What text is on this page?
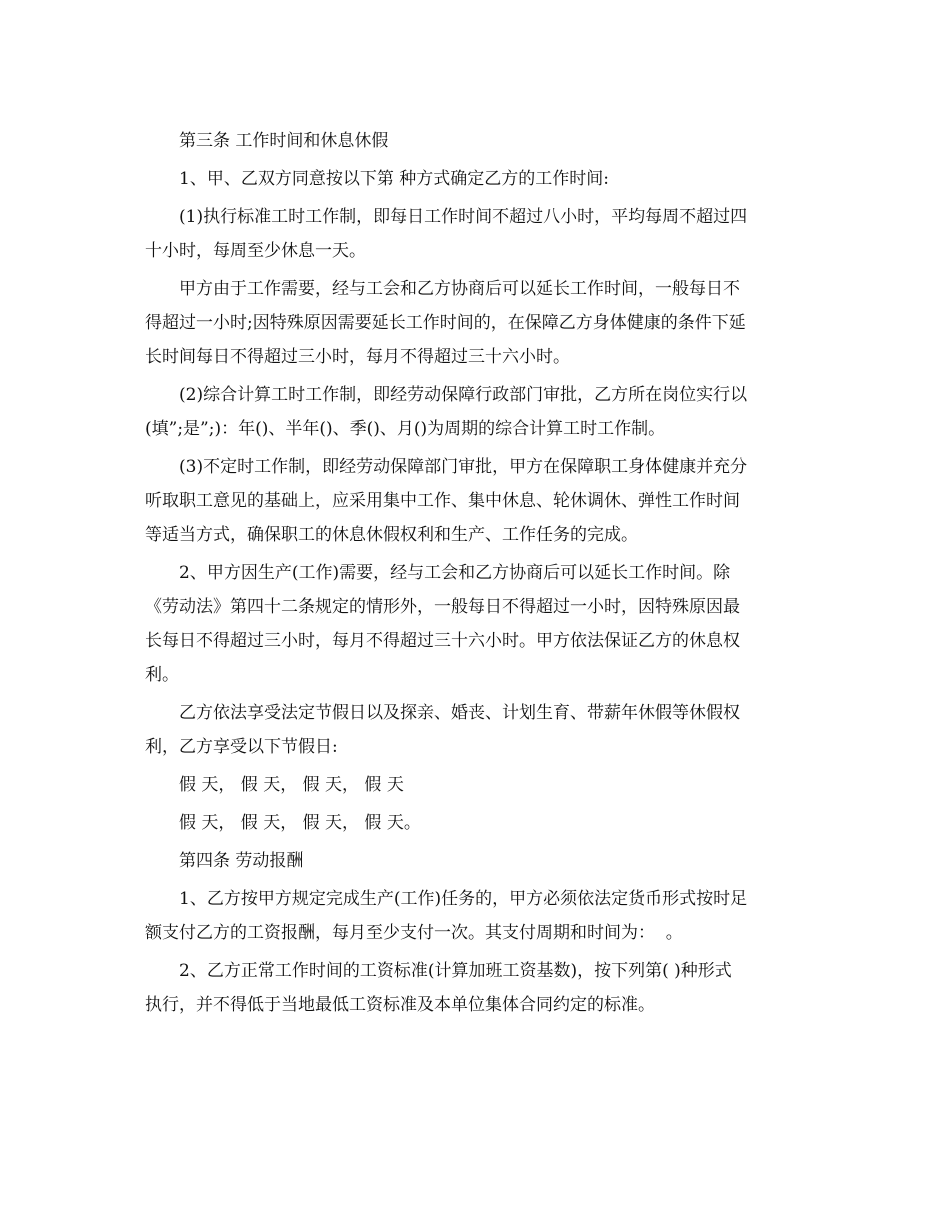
第三条 工作时间和休息休假
1、甲、乙双方同意按以下第 种方式确定乙方的工作时间:
(1)执行标准工时工作制，即每日工作时间不超过八小时，平均每周不超过四
十小时，每周至少休息一天。
甲方由于工作需要，经与工会和乙方协商后可以延长工作时间，一般每日不
得超过一小时;因特殊原因需要延长工作时间的，在保障乙方身体健康的条件下延
长时间每日不得超过三小时，每月不得超过三十六小时。
(2)综合计算工时工作制，即经劳动保障行政部门审批，乙方所在岗位实行以
(填”;是”;)：年()、半年()、季()、月()为周期的综合计算工时工作制。
(3)不定时工作制，即经劳动保障部门审批，甲方在保障职工身体健康并充分
听取职工意见的基础上，应采用集中工作、集中休息、轮休调休、弹性工作时间
等适当方式，确保职工的休息休假权利和生产、工作任务的完成。
2、甲方因生产(工作)需要，经与工会和乙方协商后可以延长工作时间。除
《劳动法》第四十二条规定的情形外，一般每日不得超过一小时，因特殊原因最
长每日不得超过三小时，每月不得超过三十六小时。甲方依法保证乙方的休息权
利。
乙方依法享受法定节假日以及探亲、婚丧、计划生育、带薪年休假等休假权
利，乙方享受以下节假日:
假 天， 假 天， 假 天， 假 天
假 天， 假 天， 假 天， 假 天。
第四条 劳动报酬
1、乙方按甲方规定完成生产(工作)任务的，甲方必须依法定货币形式按时足
额支付乙方的工资报酬，每月至少支付一次。其支付周期和时间为：  。
2、乙方正常工作时间的工资标准(计算加班工资基数)，按下列第( )种形式
执行，并不得低于当地最低工资标准及本单位集体合同约定的标准。
